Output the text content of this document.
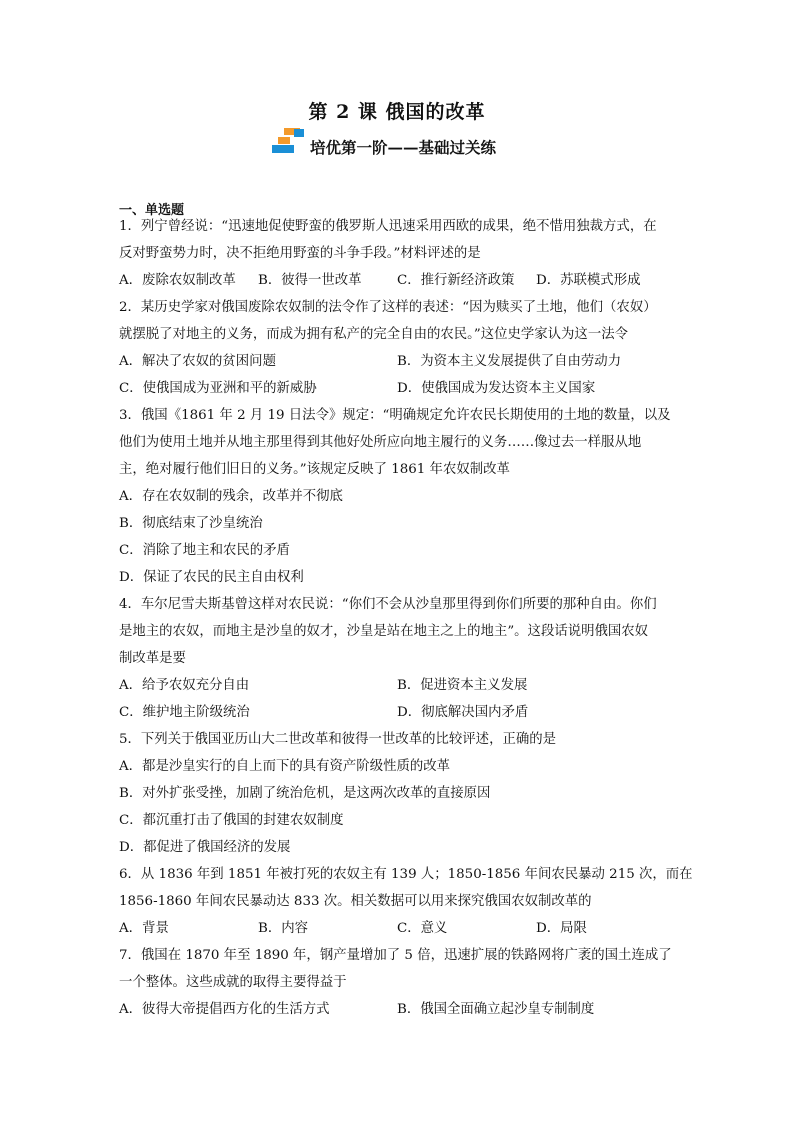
第 2 课 俄国的改革
培优第一阶——基础过关练
一、单选题
1．列宁曾经说：“迅速地促使野蛮的俄罗斯人迅速采用西欧的成果，绝不惜用独裁方式，在
反对野蛮势力时，决不拒绝用野蛮的斗争手段。”材料评述的是
A．废除农奴制改革 B．彼得一世改革	C．推行新经济政策 D．苏联模式形成
2．某历史学家对俄国废除农奴制的法令作了这样的表述：“因为赎买了土地，他们（农奴）
就摆脱了对地主的义务，而成为拥有私产的完全自由的农民。”这位史学家认为这一法令
A．解决了农奴的贫困问题	B．为资本主义发展提供了自由劳动力
C．使俄国成为亚洲和平的新威胁	D．使俄国成为发达资本主义国家
3．俄国《1861 年 2 月 19 日法令》规定：“明确规定允许农民长期使用的土地的数量，以及
他们为使用土地并从地主那里得到其他好处所应向地主履行的义务……像过去一样服从地
主，绝对履行他们旧日的义务。”该规定反映了 1861 年农奴制改革
A．存在农奴制的残余，改革并不彻底
B．彻底结束了沙皇统治
C．消除了地主和农民的矛盾
D．保证了农民的民主自由权利
4．车尔尼雪夫斯基曾这样对农民说：“你们不会从沙皇那里得到你们所要的那种自由。你们
是地主的农奴，而地主是沙皇的奴才，沙皇是站在地主之上的地主”。这段话说明俄国农奴
制改革是要
A．给予农奴充分自由	B．促进资本主义发展
C．维护地主阶级统治	D．彻底解决国内矛盾
5．下列关于俄国亚历山大二世改革和彼得一世改革的比较评述，正确的是
A．都是沙皇实行的自上而下的具有资产阶级性质的改革
B．对外扩张受挫，加剧了统治危机，是这两次改革的直接原因
C．都沉重打击了俄国的封建农奴制度
D．都促进了俄国经济的发展
6．从 1836 年到 1851 年被打死的农奴主有 139 人；1850-1856 年间农民暴动 215 次，而在
1856-1860 年间农民暴动达 833 次。相关数据可以用来探究俄国农奴制改革的
A．背景	B．内容	C．意义	D．局限
7．俄国在 1870 年至 1890 年，钢产量增加了 5 倍，迅速扩展的铁路网将广袤的国土连成了
一个整体。这些成就的取得主要得益于
A．彼得大帝提倡西方化的生活方式	B．俄国全面确立起沙皇专制制度
